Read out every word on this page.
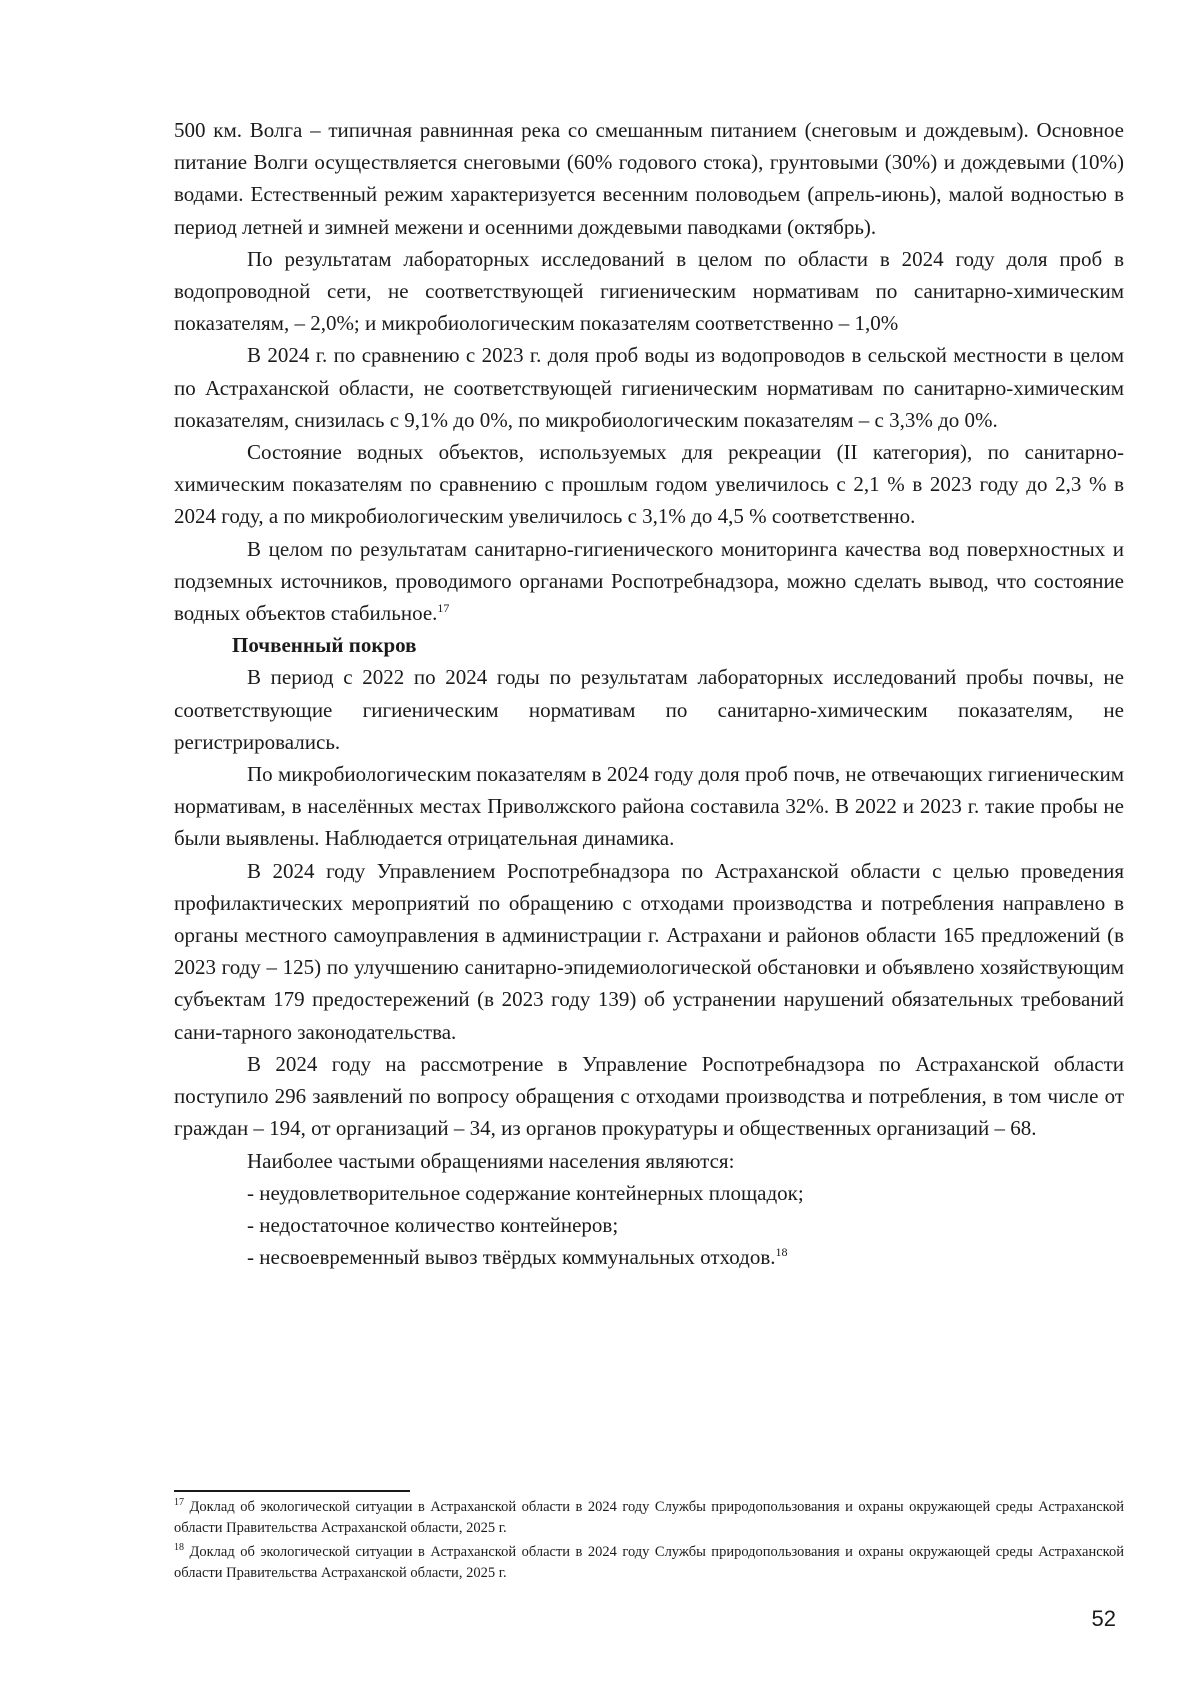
500 км. Волга – типичная равнинная река со смешанным питанием (снеговым и дождевым). Основное питание Волги осуществляется снеговыми (60% годового стока), грунтовыми (30%) и дождевыми (10%) водами. Естественный режим характеризуется весенним половодьем (апрель-июнь), малой водностью в период летней и зимней межени и осенними дождевыми паводками (октябрь).

По результатам лабораторных исследований в целом по области в 2024 году доля проб в водопроводной сети, не соответствующей гигиеническим нормативам по санитарно-химическим показателям, – 2,0%; и микробиологическим показателям соответственно – 1,0%

В 2024 г. по сравнению с 2023 г. доля проб воды из водопроводов в сельской местности в целом по Астраханской области, не соответствующей гигиеническим нормативам по санитарно-химическим показателям, снизилась с 9,1% до 0%, по микробиологическим показателям – с 3,3% до 0%.

Состояние водных объектов, используемых для рекреации (II категория), по санитарно-химическим показателям по сравнению с прошлым годом увеличилось с 2,1 % в 2023 году до 2,3 % в 2024 году, а по микробиологическим увеличилось с 3,1% до 4,5 % соответственно.

В целом по результатам санитарно-гигиенического мониторинга качества вод поверхностных и подземных источников, проводимого органами Роспотребнадзора, можно сделать вывод, что состояние водных объектов стабильное.$^{17}$

Почвенный покров

В период с 2022 по 2024 годы по результатам лабораторных исследований пробы почвы, не соответствующие гигиеническим нормативам по санитарно-химическим показателям, не регистрировались.

По микробиологическим показателям в 2024 году доля проб почв, не отвечающих гигиеническим нормативам, в населённых местах Приволжского района составила 32%. В 2022 и 2023 г. такие пробы не были выявлены. Наблюдается отрицательная динамика.

В 2024 году Управлением Роспотребнадзора по Астраханской области с целью проведения профилактических мероприятий по обращению с отходами производства и потребления направлено в органы местного самоуправления в администрации г. Астрахани и районов области 165 предложений (в 2023 году – 125) по улучшению санитарно-эпидемиологической обстановки и объявлено хозяйствующим субъектам 179 предостережений (в 2023 году 139) об устранении нарушений обязательных требований сани-тарного законодательства.

В 2024 году на рассмотрение в Управление Роспотребнадзора по Астраханской области поступило 296 заявлений по вопросу обращения с отходами производства и потребления, в том числе от граждан – 194, от организаций – 34, из органов прокуратуры и общественных организаций – 68.

Наиболее частыми обращениями населения являются:

- неудовлетворительное содержание контейнерных площадок;

- недостаточное количество контейнеров;

- несвоевременный вывоз твёрдых коммунальных отходов.$^{18}$

$^{17}$ Доклад об экологической ситуации в Астраханской области в 2024 году Службы природопользования и охраны окружающей среды Астраханской области Правительства Астраханской области, 2025 г.

$^{18}$ Доклад об экологической ситуации в Астраханской области в 2024 году Службы природопользования и охраны окружающей среды Астраханской области Правительства Астраханской области, 2025 г.

52
